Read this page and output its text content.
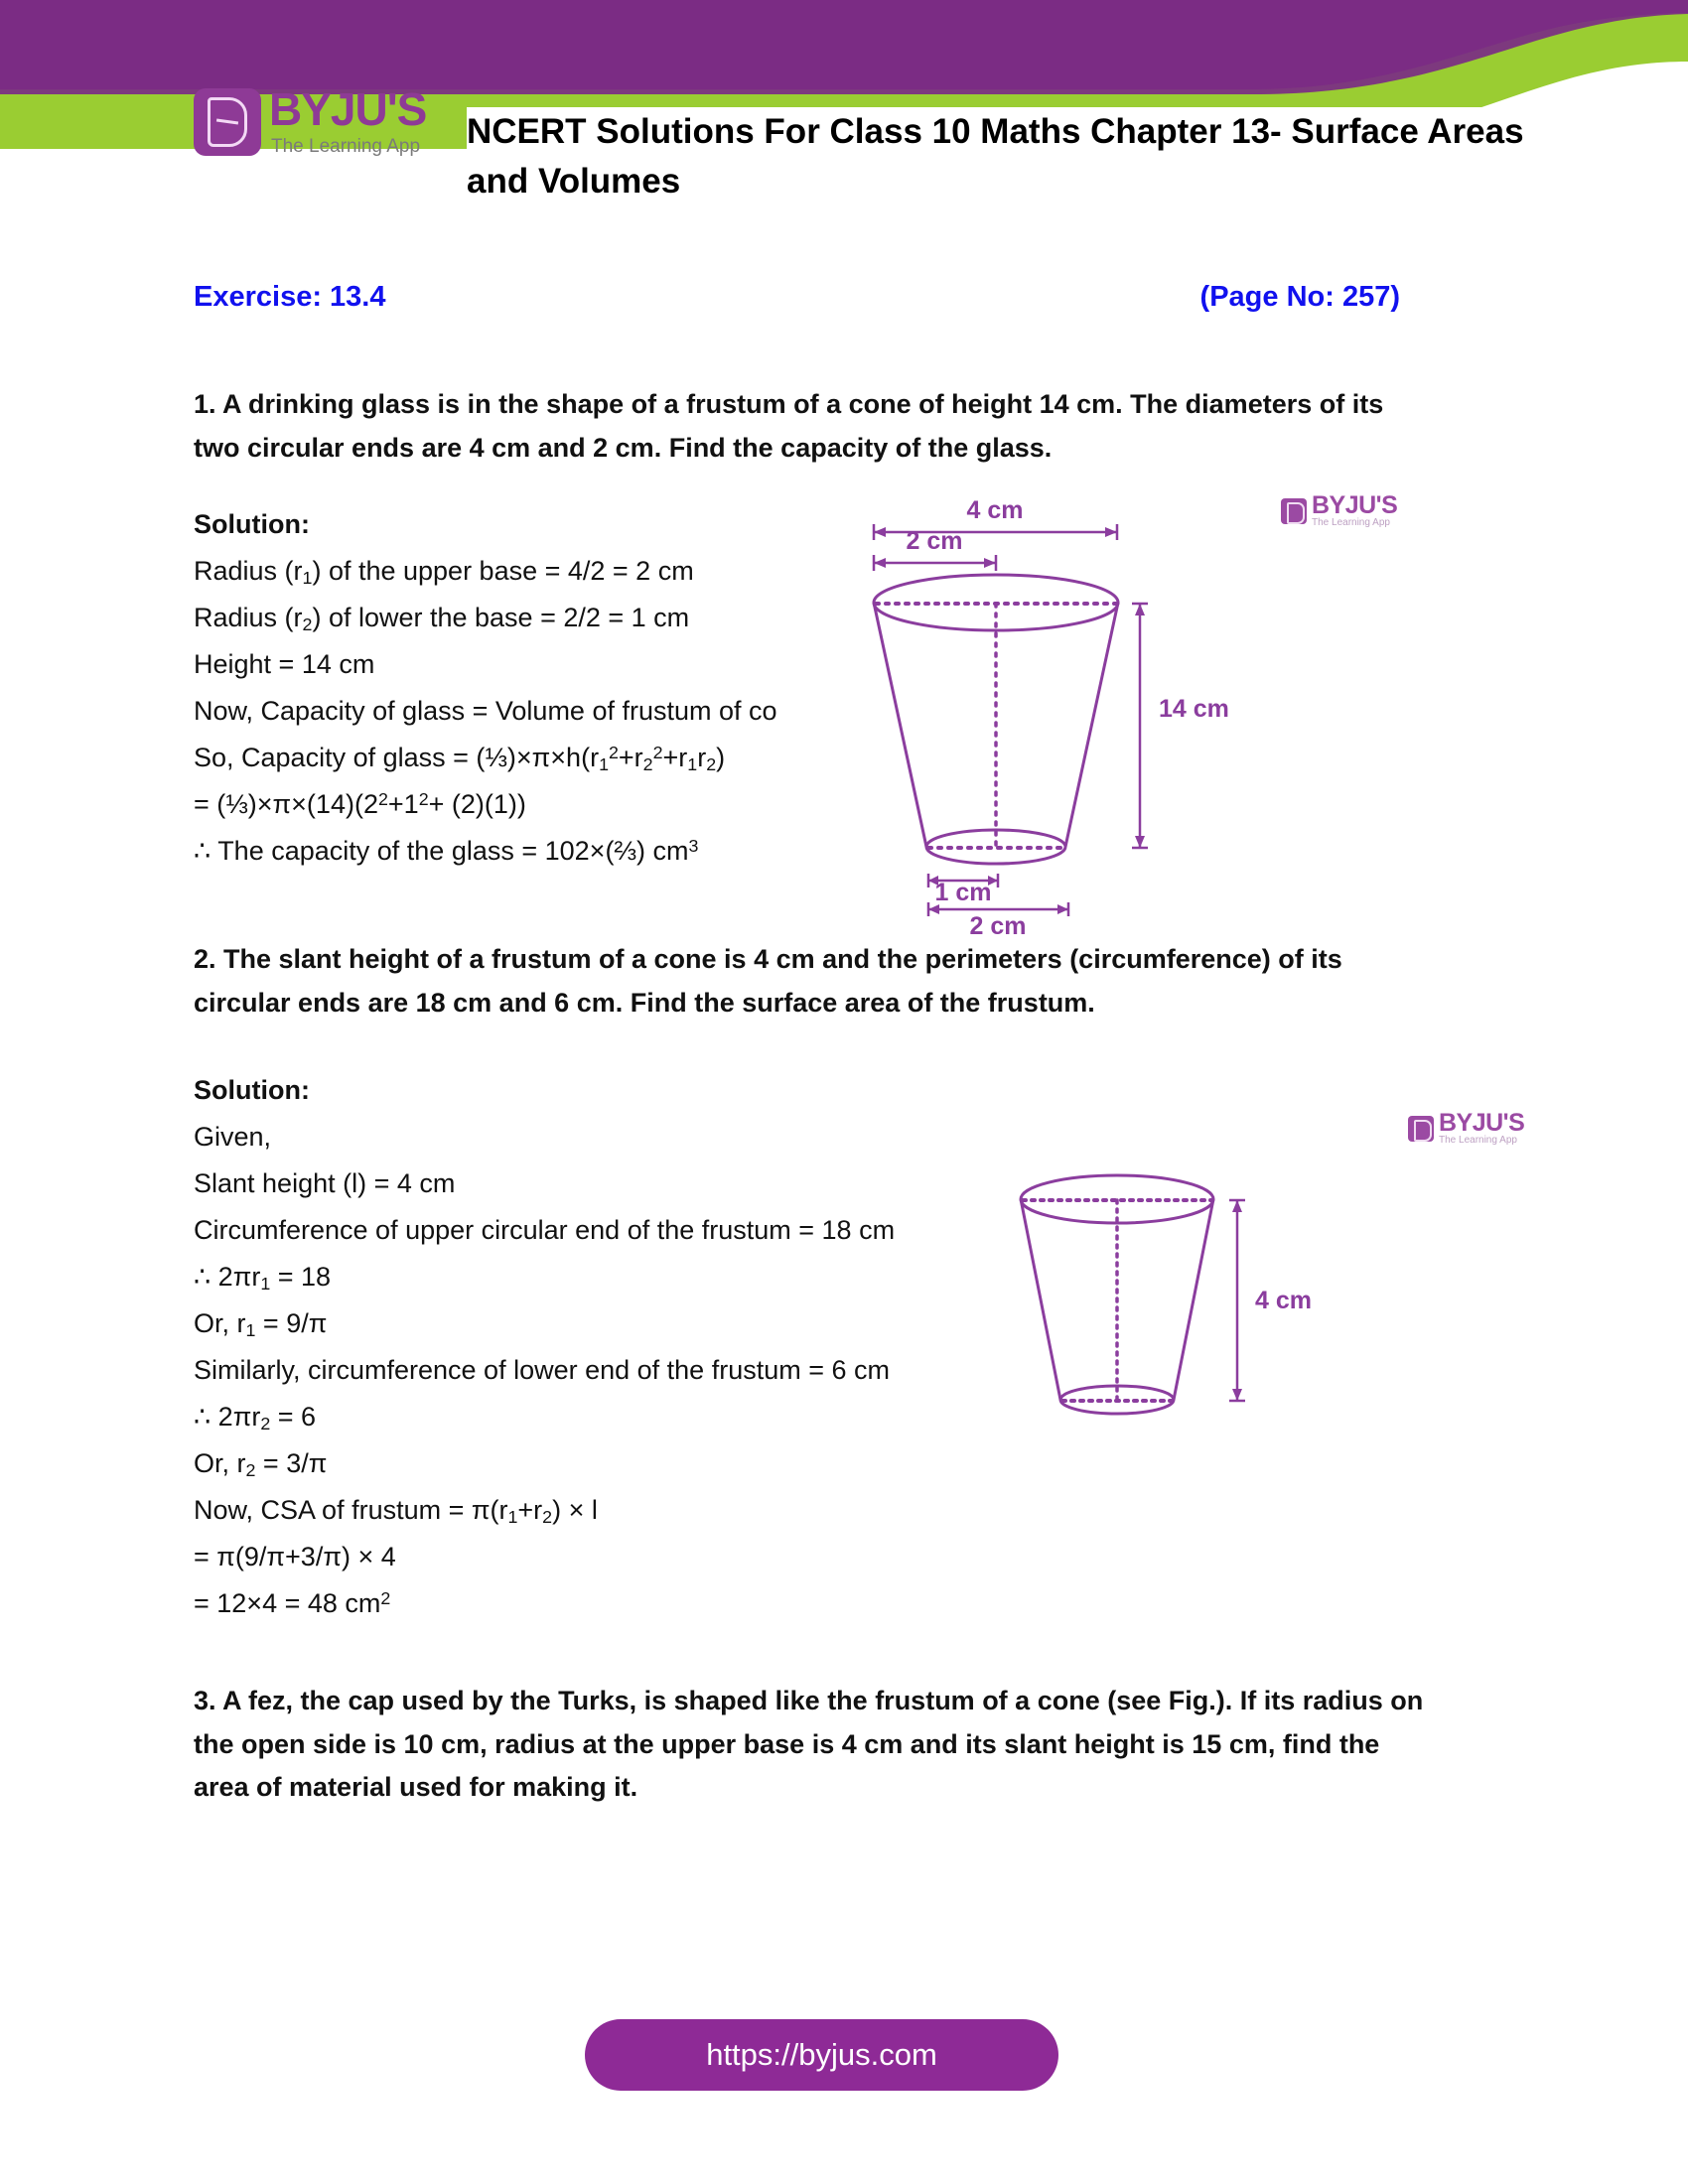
BYJU'S
The Learning App NCERT Solutions For Class 10 Maths Chapter 13- Surface Areas and Volumes
Exercise: 13.4	(Page No: 257)
1. A drinking glass is in the shape of a frustum of a cone of height 14 cm. The diameters of its two circular ends are 4 cm and 2 cm. Find the capacity of the glass.
Solution:
Radius $(r_1)$ of the upper base = 4/2 = 2 cm
Radius $(r_2)$ of lower the base = 2/2 = 1 cm
Height = 14 cm
Now, Capacity of glass = Volume of frustum of co
So, Capacity of glass = $(\frac{1}{3})\times\pi\times h(r_1^2+r_2^2+r_1r_2)$
= $(\frac{1}{3})\times\pi\times(14)(2^2+1^2+ (2)(1))$
∴ The capacity of the glass = 102×(⅔) $cm^3$
4 cm
2 cm
14 cm
1 cm
2 cm
BYJU'S
The Learning App
2. The slant height of a frustum of a cone is 4 cm and the perimeters (circumference) of its circular ends are 18 cm and 6 cm. Find the surface area of the frustum.
Solution:
Given,
Slant height (l) = 4 cm
Circumference of upper circular end of the frustum = 18 cm
∴ $2\pi r_1 = 18$
Or, $r_1 = 9/\pi$
Similarly, circumference of lower end of the frustum = 6 cm
∴ $2\pi r_2 = 6$
Or, $r_2 = 3/\pi$
Now, CSA of frustum = $\pi(r_1+r_2) \times l$
= π(9/π+3/π) × 4
= 12×4 = 48 $cm^2$
4 cm
BYJU'S
The Learning App
3. A fez, the cap used by the Turks, is shaped like the frustum of a cone (see Fig.). If its radius on the open side is 10 cm, radius at the upper base is 4 cm and its slant height is 15 cm, find the area of material used for making it.
https://byjus.com
